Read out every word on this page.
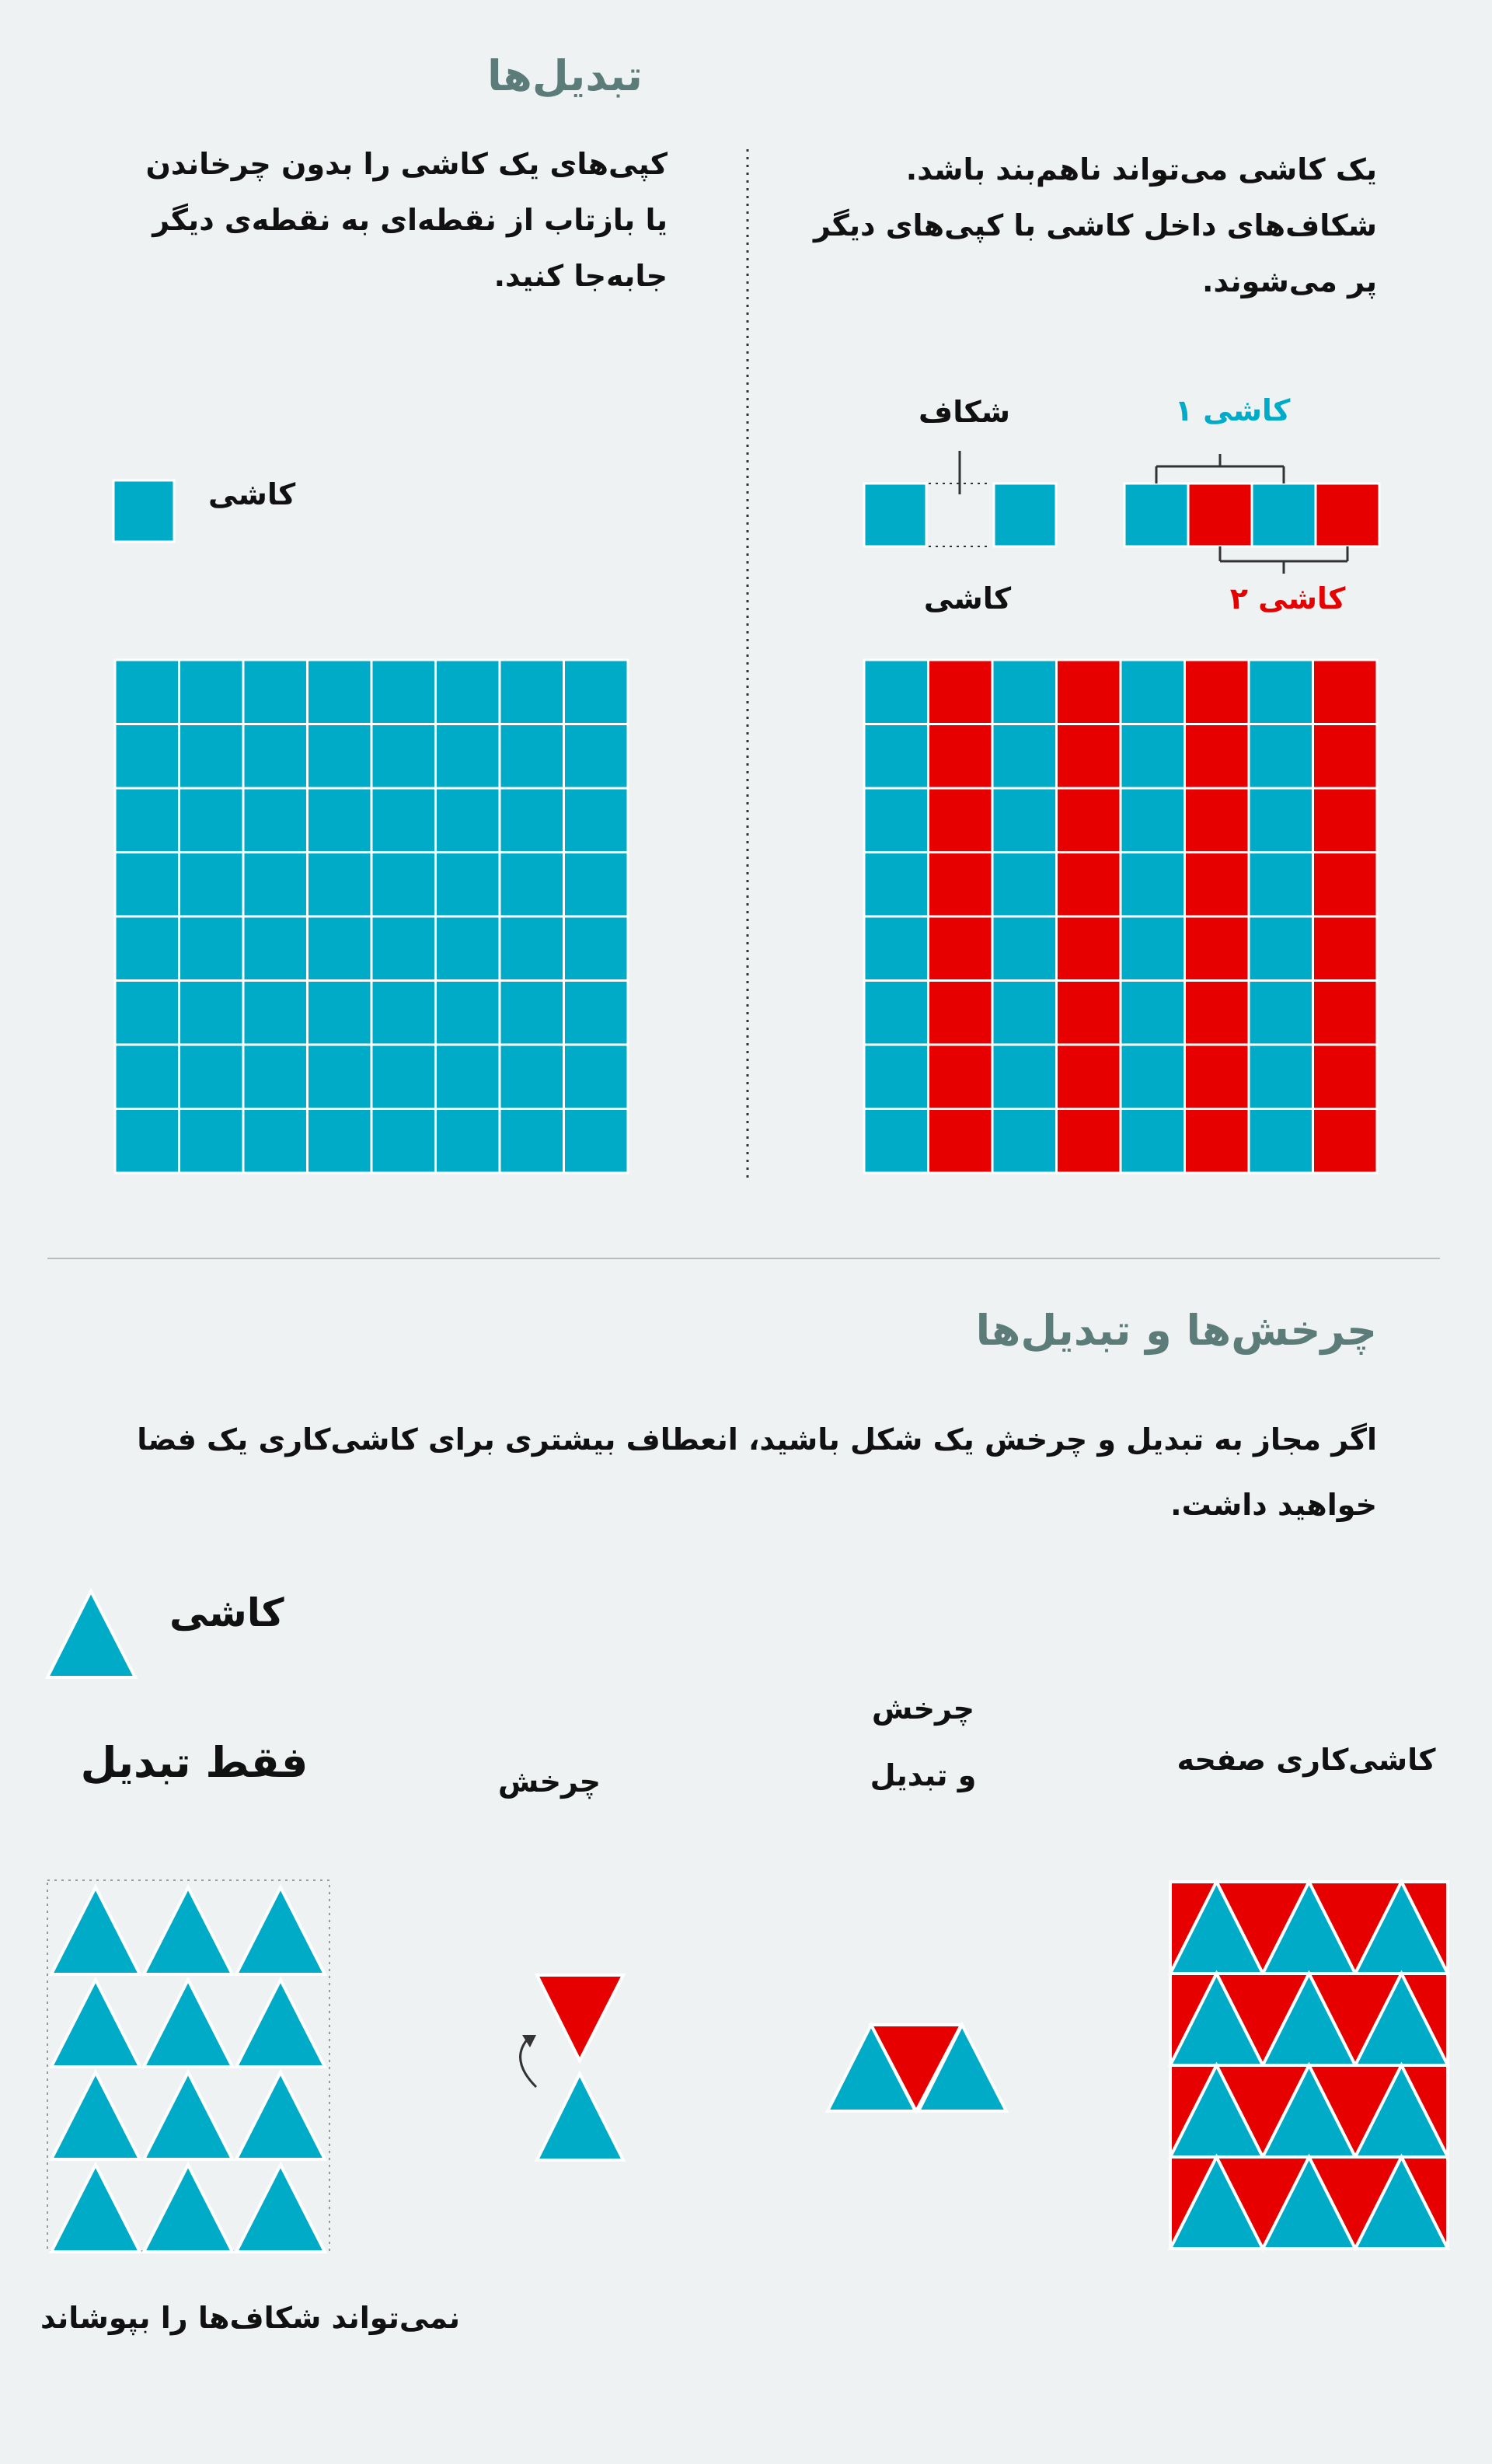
تبدیل‌ها
کپی‌های یک کاشی را بدون چرخاندن
یا بازتاب از نقطه‌ای به نقطه‌ی دیگر
جابه‌جا کنید.
یک کاشی می‌تواند ناهم‌بند باشد.
شکاف‌های داخل کاشی با کپی‌های دیگر
پر می‌شوند.
کاشی
شکاف
کاشی
کاشی ۱
کاشی ۲
چرخش‌ها و تبدیل‌ها
اگر مجاز به تبدیل و چرخش یک شکل باشید، انعطاف بیشتری برای کاشی‌کاری یک فضا
خواهید داشت.
کاشی
فقط تبدیل	چرخش
چرخش
و تبدیل	کاشی‌کاری صفحه
نمی‌تواند شکاف‌ها را بپوشاند
